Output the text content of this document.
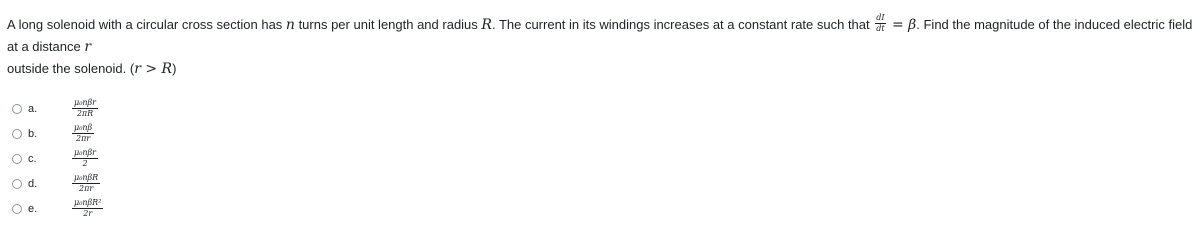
A long solenoid with a circular cross section has n turns per unit length and radius R. The current in its windings increases at a constant rate such that $\frac{dI}{dt} = \beta$. Find the magnitude of the induced electric field at a distance r
outside the solenoid. (r > R)
a.	$\frac{\text{μ₀nβr}}{2\pi R}$
b.	$\frac{\text{μ₀nβ}}{2\pi r}$
c.	$\frac{\text{μ₀nβr}}{2}$
d.	$\frac{\text{μ₀nβR}}{2\pi r}$
e.	$\frac{\text{μ₀nβR²}}{2r}$
